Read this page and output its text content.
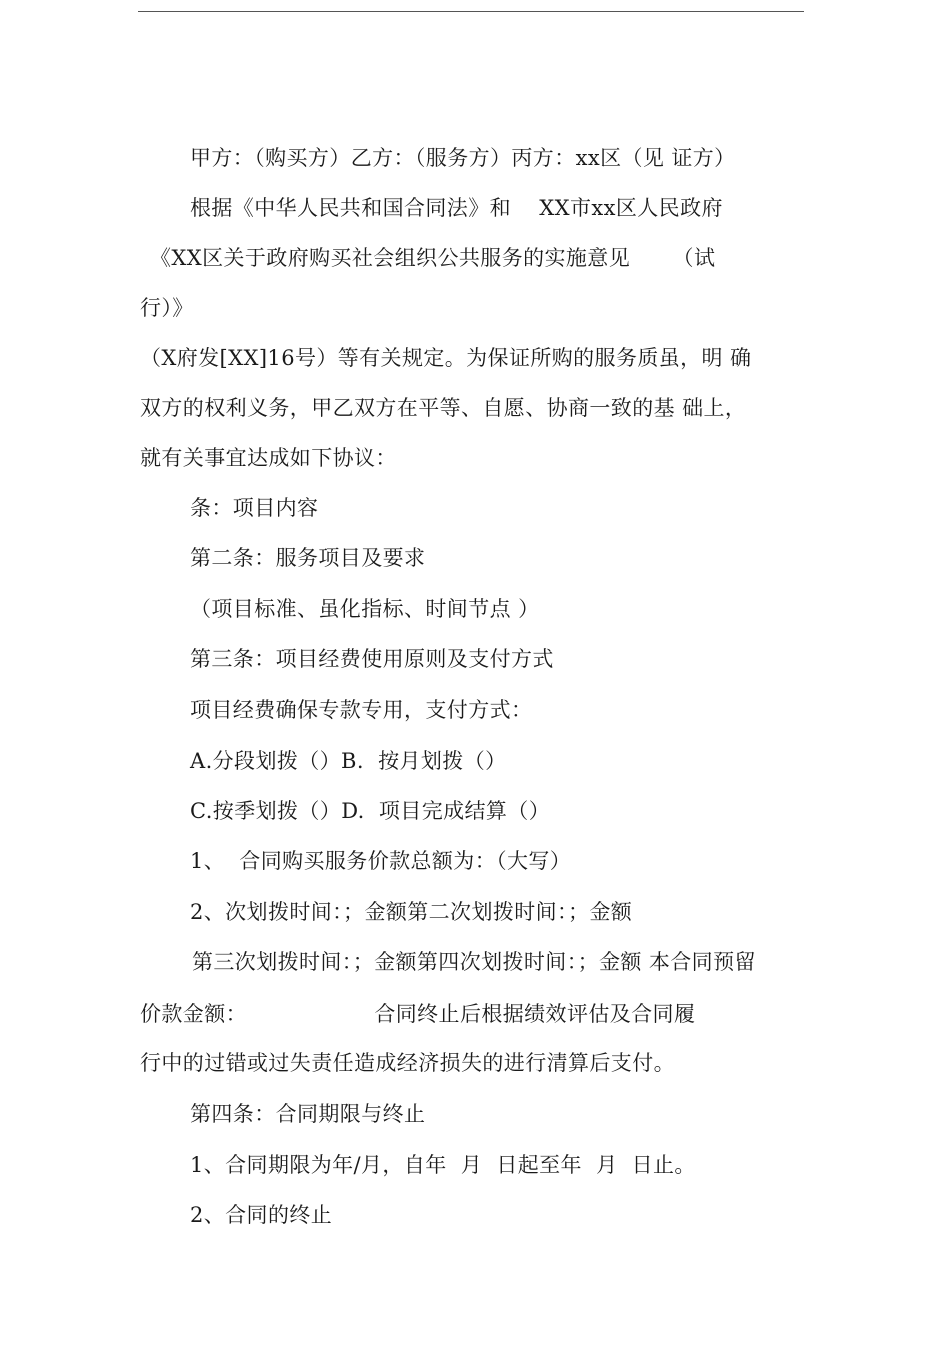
甲方：（购买方）乙方：（服务方）丙方：xx区（见 证方）
根据《中华人民共和国合同法》和    XX市xx区人民政府
《XX区关于政府购买社会组织公共服务的实施意见      （试
行）》
（X府发[XX]16号）等有关规定。为保证所购的服务质虽，明 确
双方的权利义务，甲乙双方在平等、自愿、协商一致的基 础上，
就有关事宜达成如下协议：
条：项目内容
第二条：服务项目及要求
（项目标准、虽化指标、时间节点 ）
第三条：项目经费使用原则及支付方式
项目经费确保专款专用，支付方式：
A.分段划拨（）B.  按月划拨（）
C.按季划拨（）D.  项目完成结算（）
1、  合同购买服务价款总额为：（大写）
2、次划拨时间：；金额第二次划拨时间：；金额
第三次划拨时间：；金额第四次划拨时间：；金额 本合同预留
价款金额：                  合同终止后根据绩效评估及合同履
行中的过错或过失责任造成经济损失的进行清算后支付。
第四条：合同期限与终止
1、合同期限为年/月，自年  月  日起至年  月  日止。
2、合同的终止
